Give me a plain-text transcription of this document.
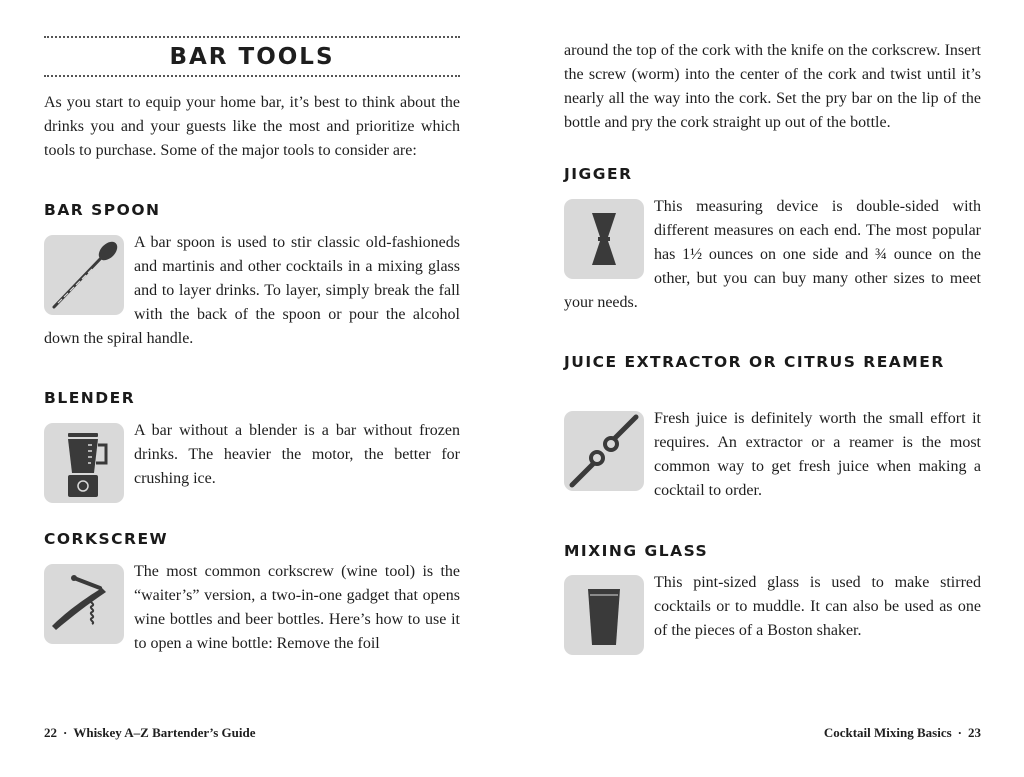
BAR TOOLS
As you start to equip your home bar, it’s best to think about the drinks you and your guests like the most and prioritize which tools to purchase. Some of the major tools to consider are:
BAR SPOON
A bar spoon is used to stir classic old-fashioneds and martinis and other cocktails in a mixing glass and to layer drinks. To layer, simply break the fall with the back of the spoon or pour the alcohol down the spiral handle.
BLENDER
A bar without a blender is a bar without frozen drinks. The heavier the motor, the better for crushing ice.
CORKSCREW
The most common corkscrew (wine tool) is the “waiter’s” version, a two-in-one gadget that opens wine bottles and beer bottles. Here’s how to use it to open a wine bottle: Remove the foil
22 · Whiskey A–Z Bartender’s Guide
around the top of the cork with the knife on the corkscrew. Insert the screw (worm) into the center of the cork and twist until it’s nearly all the way into the cork. Set the pry bar on the lip of the bottle and pry the cork straight up out of the bottle.
JIGGER
This measuring device is double-sided with different measures on each end. The most popular has 1½ ounces on one side and ¾ ounce on the other, but you can buy many other sizes to meet your needs.
JUICE EXTRACTOR OR CITRUS REAMER
Fresh juice is definitely worth the small effort it requires. An extractor or a reamer is the most common way to get fresh juice when making a cocktail to order.
MIXING GLASS
This pint-sized glass is used to make stirred cocktails or to muddle. It can also be used as one of the pieces of a Boston shaker.
Cocktail Mixing Basics · 23
